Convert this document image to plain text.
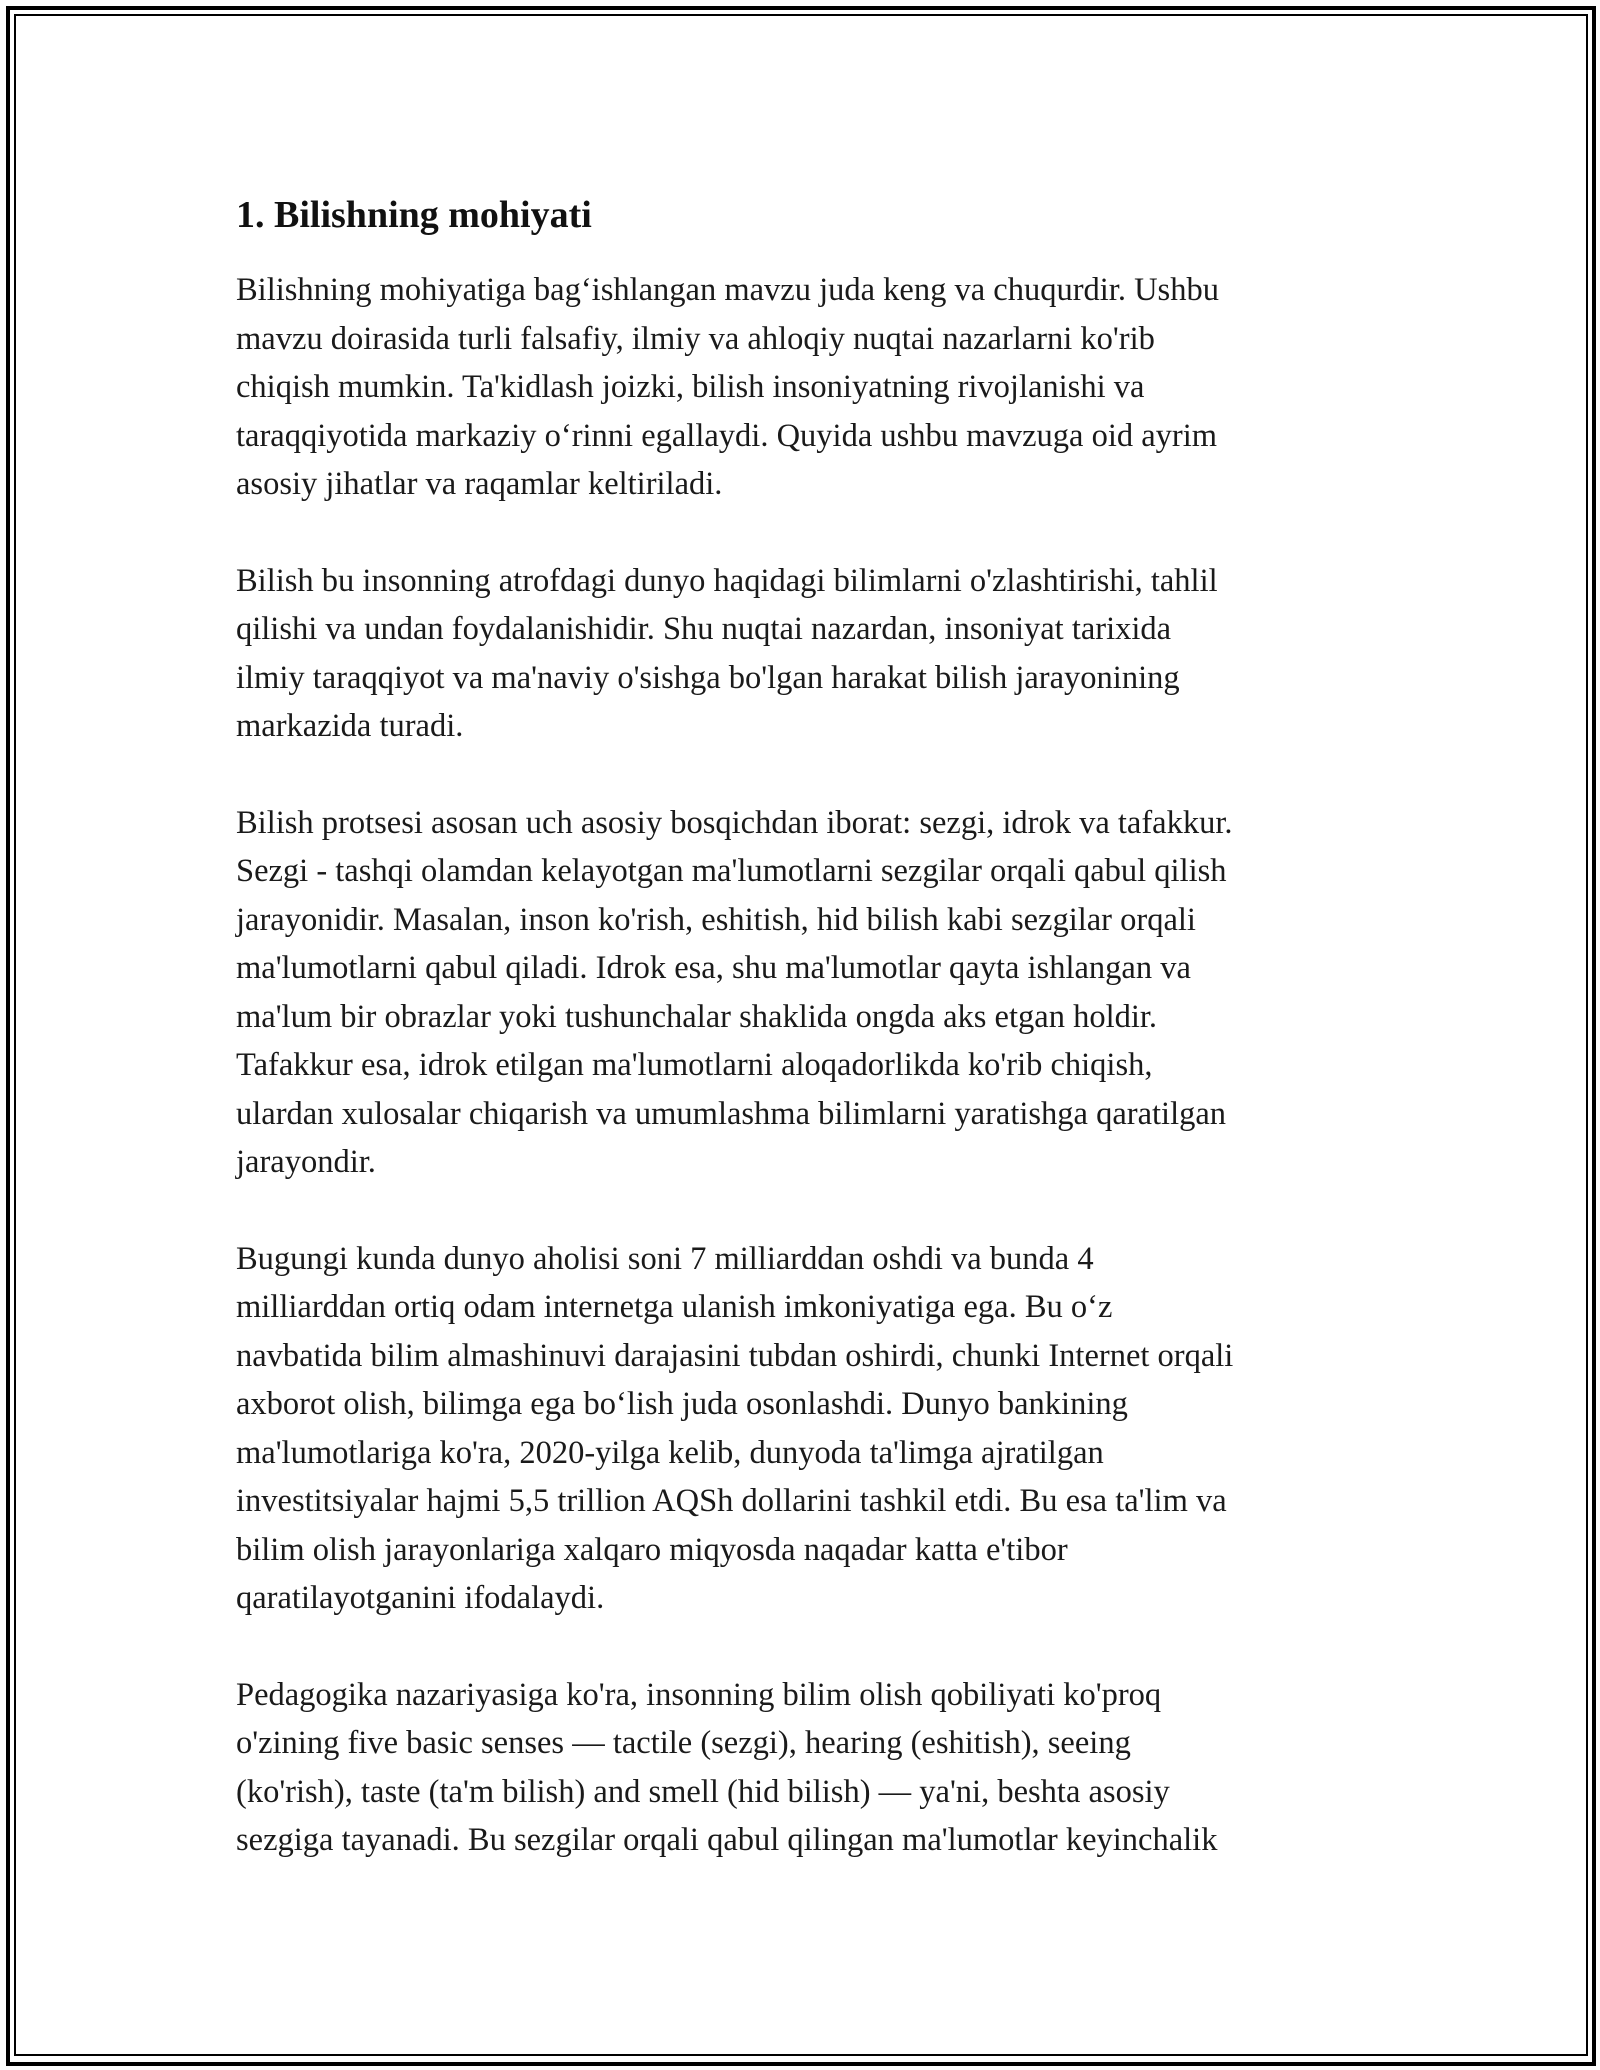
1. Bilishning mohiyati
Bilishning mohiyatiga bag‘ishlangan mavzu juda keng va chuqurdir. Ushbu
mavzu doirasida turli falsafiy, ilmiy va ahloqiy nuqtai nazarlarni ko'rib
chiqish mumkin. Ta'kidlash joizki, bilish insoniyatning rivojlanishi va
taraqqiyotida markaziy o‘rinni egallaydi. Quyida ushbu mavzuga oid ayrim
asosiy jihatlar va raqamlar keltiriladi.
Bilish bu insonning atrofdagi dunyo haqidagi bilimlarni o'zlashtirishi, tahlil
qilishi va undan foydalanishidir. Shu nuqtai nazardan, insoniyat tarixida
ilmiy taraqqiyot va ma'naviy o'sishga bo'lgan harakat bilish jarayonining
markazida turadi.
Bilish protsesi asosan uch asosiy bosqichdan iborat: sezgi, idrok va tafakkur.
Sezgi - tashqi olamdan kelayotgan ma'lumotlarni sezgilar orqali qabul qilish
jarayonidir. Masalan, inson ko'rish, eshitish, hid bilish kabi sezgilar orqali
ma'lumotlarni qabul qiladi. Idrok esa, shu ma'lumotlar qayta ishlangan va
ma'lum bir obrazlar yoki tushunchalar shaklida ongda aks etgan holdir.
Tafakkur esa, idrok etilgan ma'lumotlarni aloqadorlikda ko'rib chiqish,
ulardan xulosalar chiqarish va umumlashma bilimlarni yaratishga qaratilgan
jarayondir.
Bugungi kunda dunyo aholisi soni 7 milliarddan oshdi va bunda 4
milliarddan ortiq odam internetga ulanish imkoniyatiga ega. Bu o‘z
navbatida bilim almashinuvi darajasini tubdan oshirdi, chunki Internet orqali
axborot olish, bilimga ega bo‘lish juda osonlashdi. Dunyo bankining
ma'lumotlariga ko'ra, 2020-yilga kelib, dunyoda ta'limga ajratilgan
investitsiyalar hajmi 5,5 trillion AQSh dollarini tashkil etdi. Bu esa ta'lim va
bilim olish jarayonlariga xalqaro miqyosda naqadar katta e'tibor
qaratilayotganini ifodalaydi.
Pedagogika nazariyasiga ko'ra, insonning bilim olish qobiliyati ko'proq
o'zining five basic senses — tactile (sezgi), hearing (eshitish), seeing
(ko'rish), taste (ta'm bilish) and smell (hid bilish) — ya'ni, beshta asosiy
sezgiga tayanadi. Bu sezgilar orqali qabul qilingan ma'lumotlar keyinchalik
